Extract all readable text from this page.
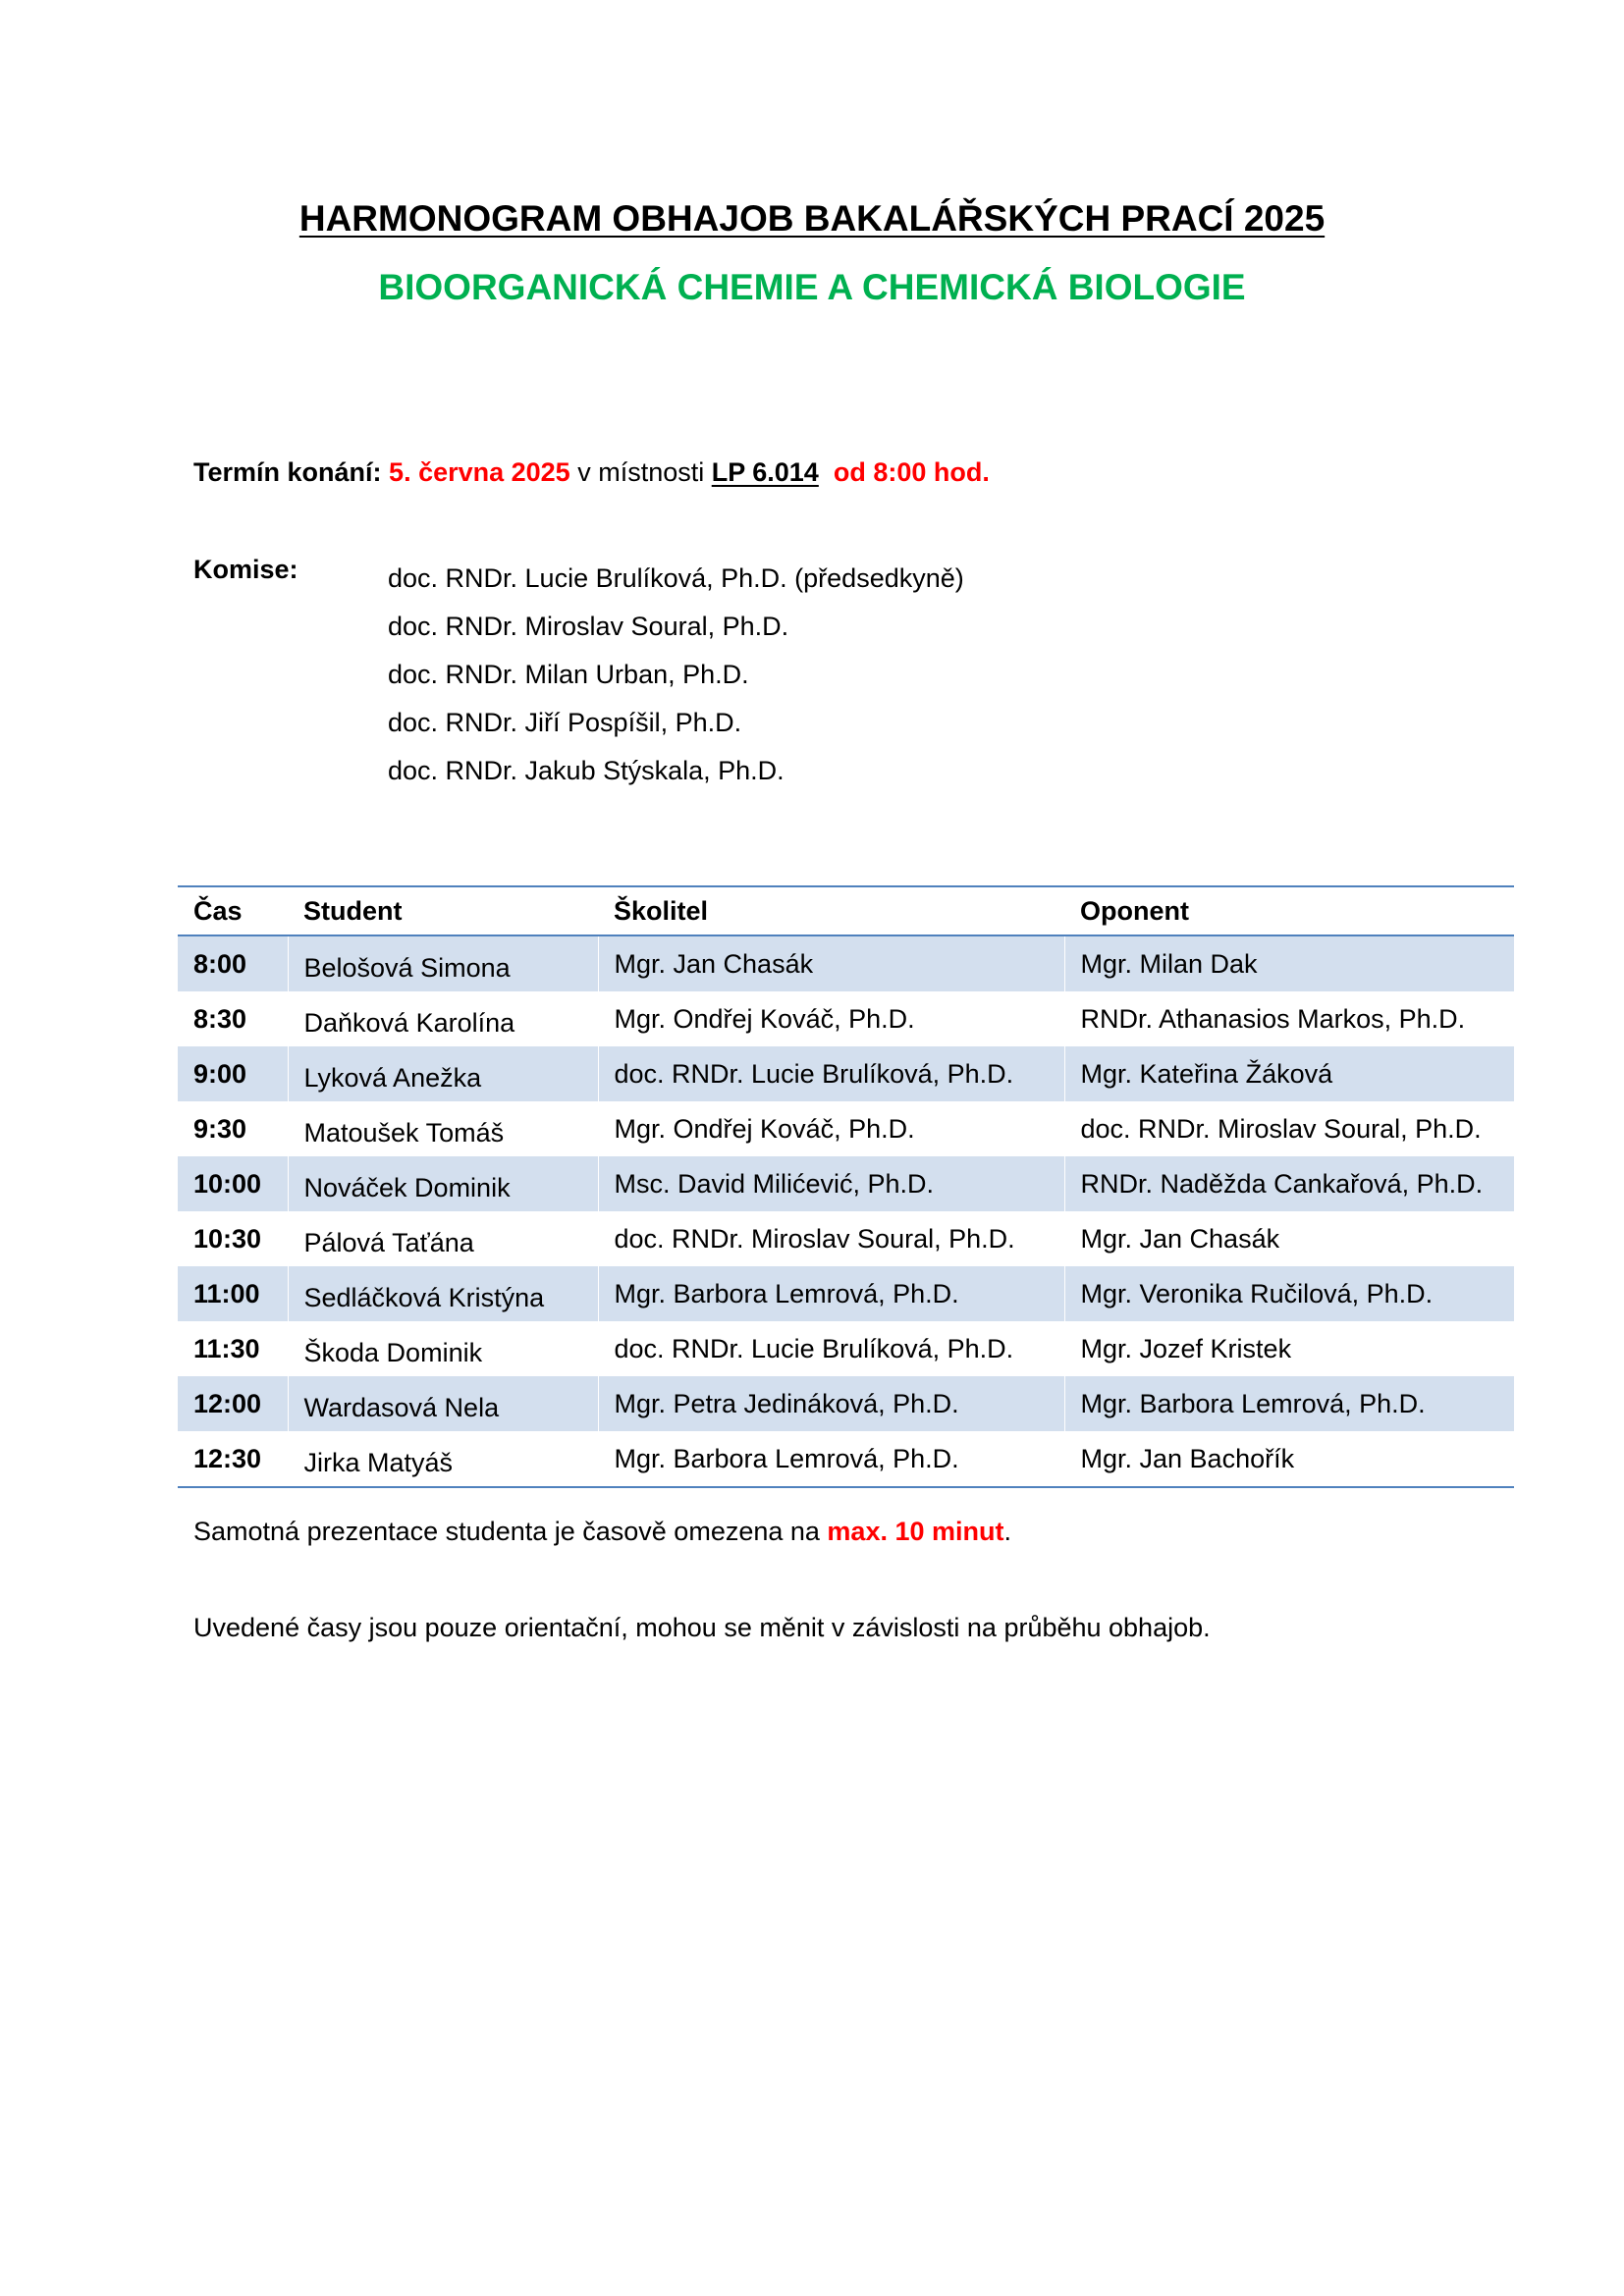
HARMONOGRAM OBHAJOB BAKALÁŘSKÝCH PRACÍ 2025
BIOORGANICKÁ CHEMIE A CHEMICKÁ BIOLOGIE
Termín konání: 5. června 2025 v místnosti LP 6.014  od 8:00 hod.
Komise:	doc. RNDr. Lucie Brulíková, Ph.D. (předsedkyně)
doc. RNDr. Miroslav Soural, Ph.D.
doc. RNDr. Milan Urban, Ph.D.
doc. RNDr. Jiří Pospíšil, Ph.D.
doc. RNDr. Jakub Stýskala, Ph.D.
Čas	Student	Školitel	Oponent
8:00	Belošová Simona	Mgr. Jan Chasák	Mgr. Milan Dak
8:30	Daňková Karolína	Mgr. Ondřej Kováč, Ph.D.	RNDr. Athanasios Markos, Ph.D.
9:00	Lyková Anežka	doc. RNDr. Lucie Brulíková, Ph.D.	Mgr. Kateřina Žáková
9:30	Matoušek Tomáš	Mgr. Ondřej Kováč, Ph.D.	doc. RNDr. Miroslav Soural, Ph.D.
10:00	Nováček Dominik	Msc. David Milićević, Ph.D.	RNDr. Naděžda Cankařová, Ph.D.
10:30	Pálová Taťána	doc. RNDr. Miroslav Soural, Ph.D.	Mgr. Jan Chasák
11:00	Sedláčková Kristýna	Mgr. Barbora Lemrová, Ph.D.	Mgr. Veronika Ručilová, Ph.D.
11:30	Škoda Dominik	doc. RNDr. Lucie Brulíková, Ph.D.	Mgr. Jozef Kristek
12:00	Wardasová Nela	Mgr. Petra Jedináková, Ph.D.	Mgr. Barbora Lemrová, Ph.D.
12:30	Jirka Matyáš	Mgr. Barbora Lemrová, Ph.D.	Mgr. Jan Bachořík
Samotná prezentace studenta je časově omezena na max. 10 minut.
Uvedené časy jsou pouze orientační, mohou se měnit v závislosti na průběhu obhajob.
